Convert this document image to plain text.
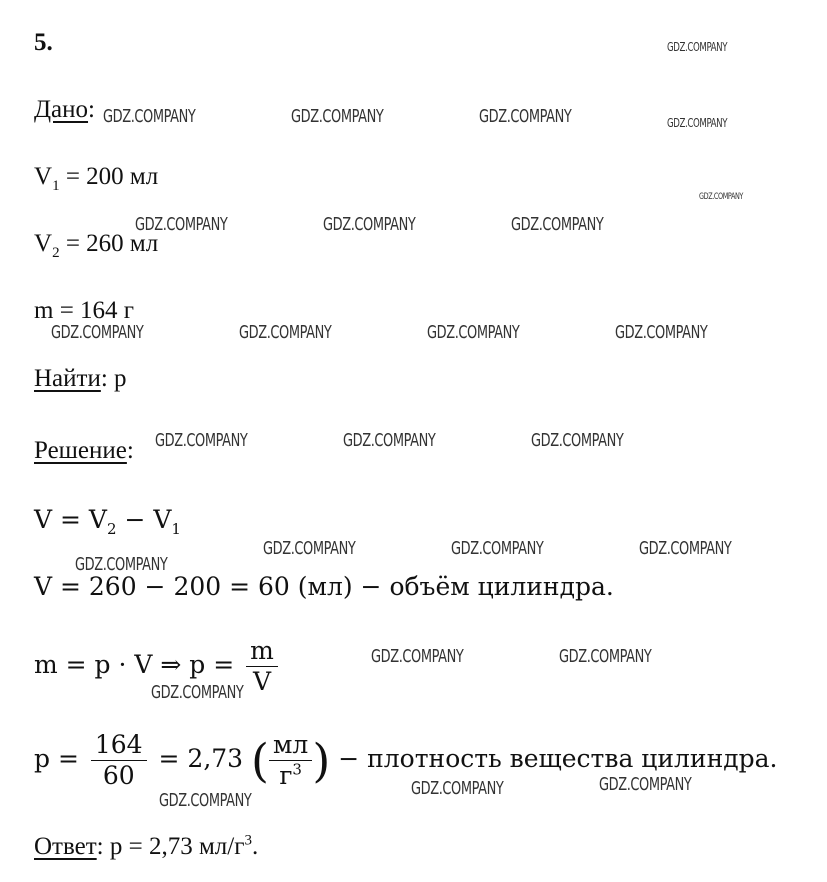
5.
Дано:
$V_1 = 200$ мл
$V_2 = 260$ мл
m = 164 г
Найти: p
Решение:
$V = V_2 - V_1$
V = 260 − 200 = 60 (мл) − объём цилиндра.
m = p · V ⇒ $p = \frac{m}{V}$
$p = \frac{164}{60} = 2,73$ ( $\frac{мл}{г^3}$ ) − плотность вещества цилиндра.
Ответ: p = 2,73 $мл/г^3$.
GDZ.COMPANY
GDZ.COMPANY	GDZ.COMPANY	GDZ.COMPANY	GDZ.COMPANY
GDZ.COMPANY
GDZ.COMPANY	GDZ.COMPANY	GDZ.COMPANY
GDZ.COMPANY	GDZ.COMPANY	GDZ.COMPANY	GDZ.COMPANY
GDZ.COMPANY	GDZ.COMPANY	GDZ.COMPANY
GDZ.COMPANY
GDZ.COMPANY	GDZ.COMPANY	GDZ.COMPANY
GDZ.COMPANY	GDZ.COMPANY
GDZ.COMPANY
GDZ.COMPANY
GDZ.COMPANY
GDZ.COMPANY
